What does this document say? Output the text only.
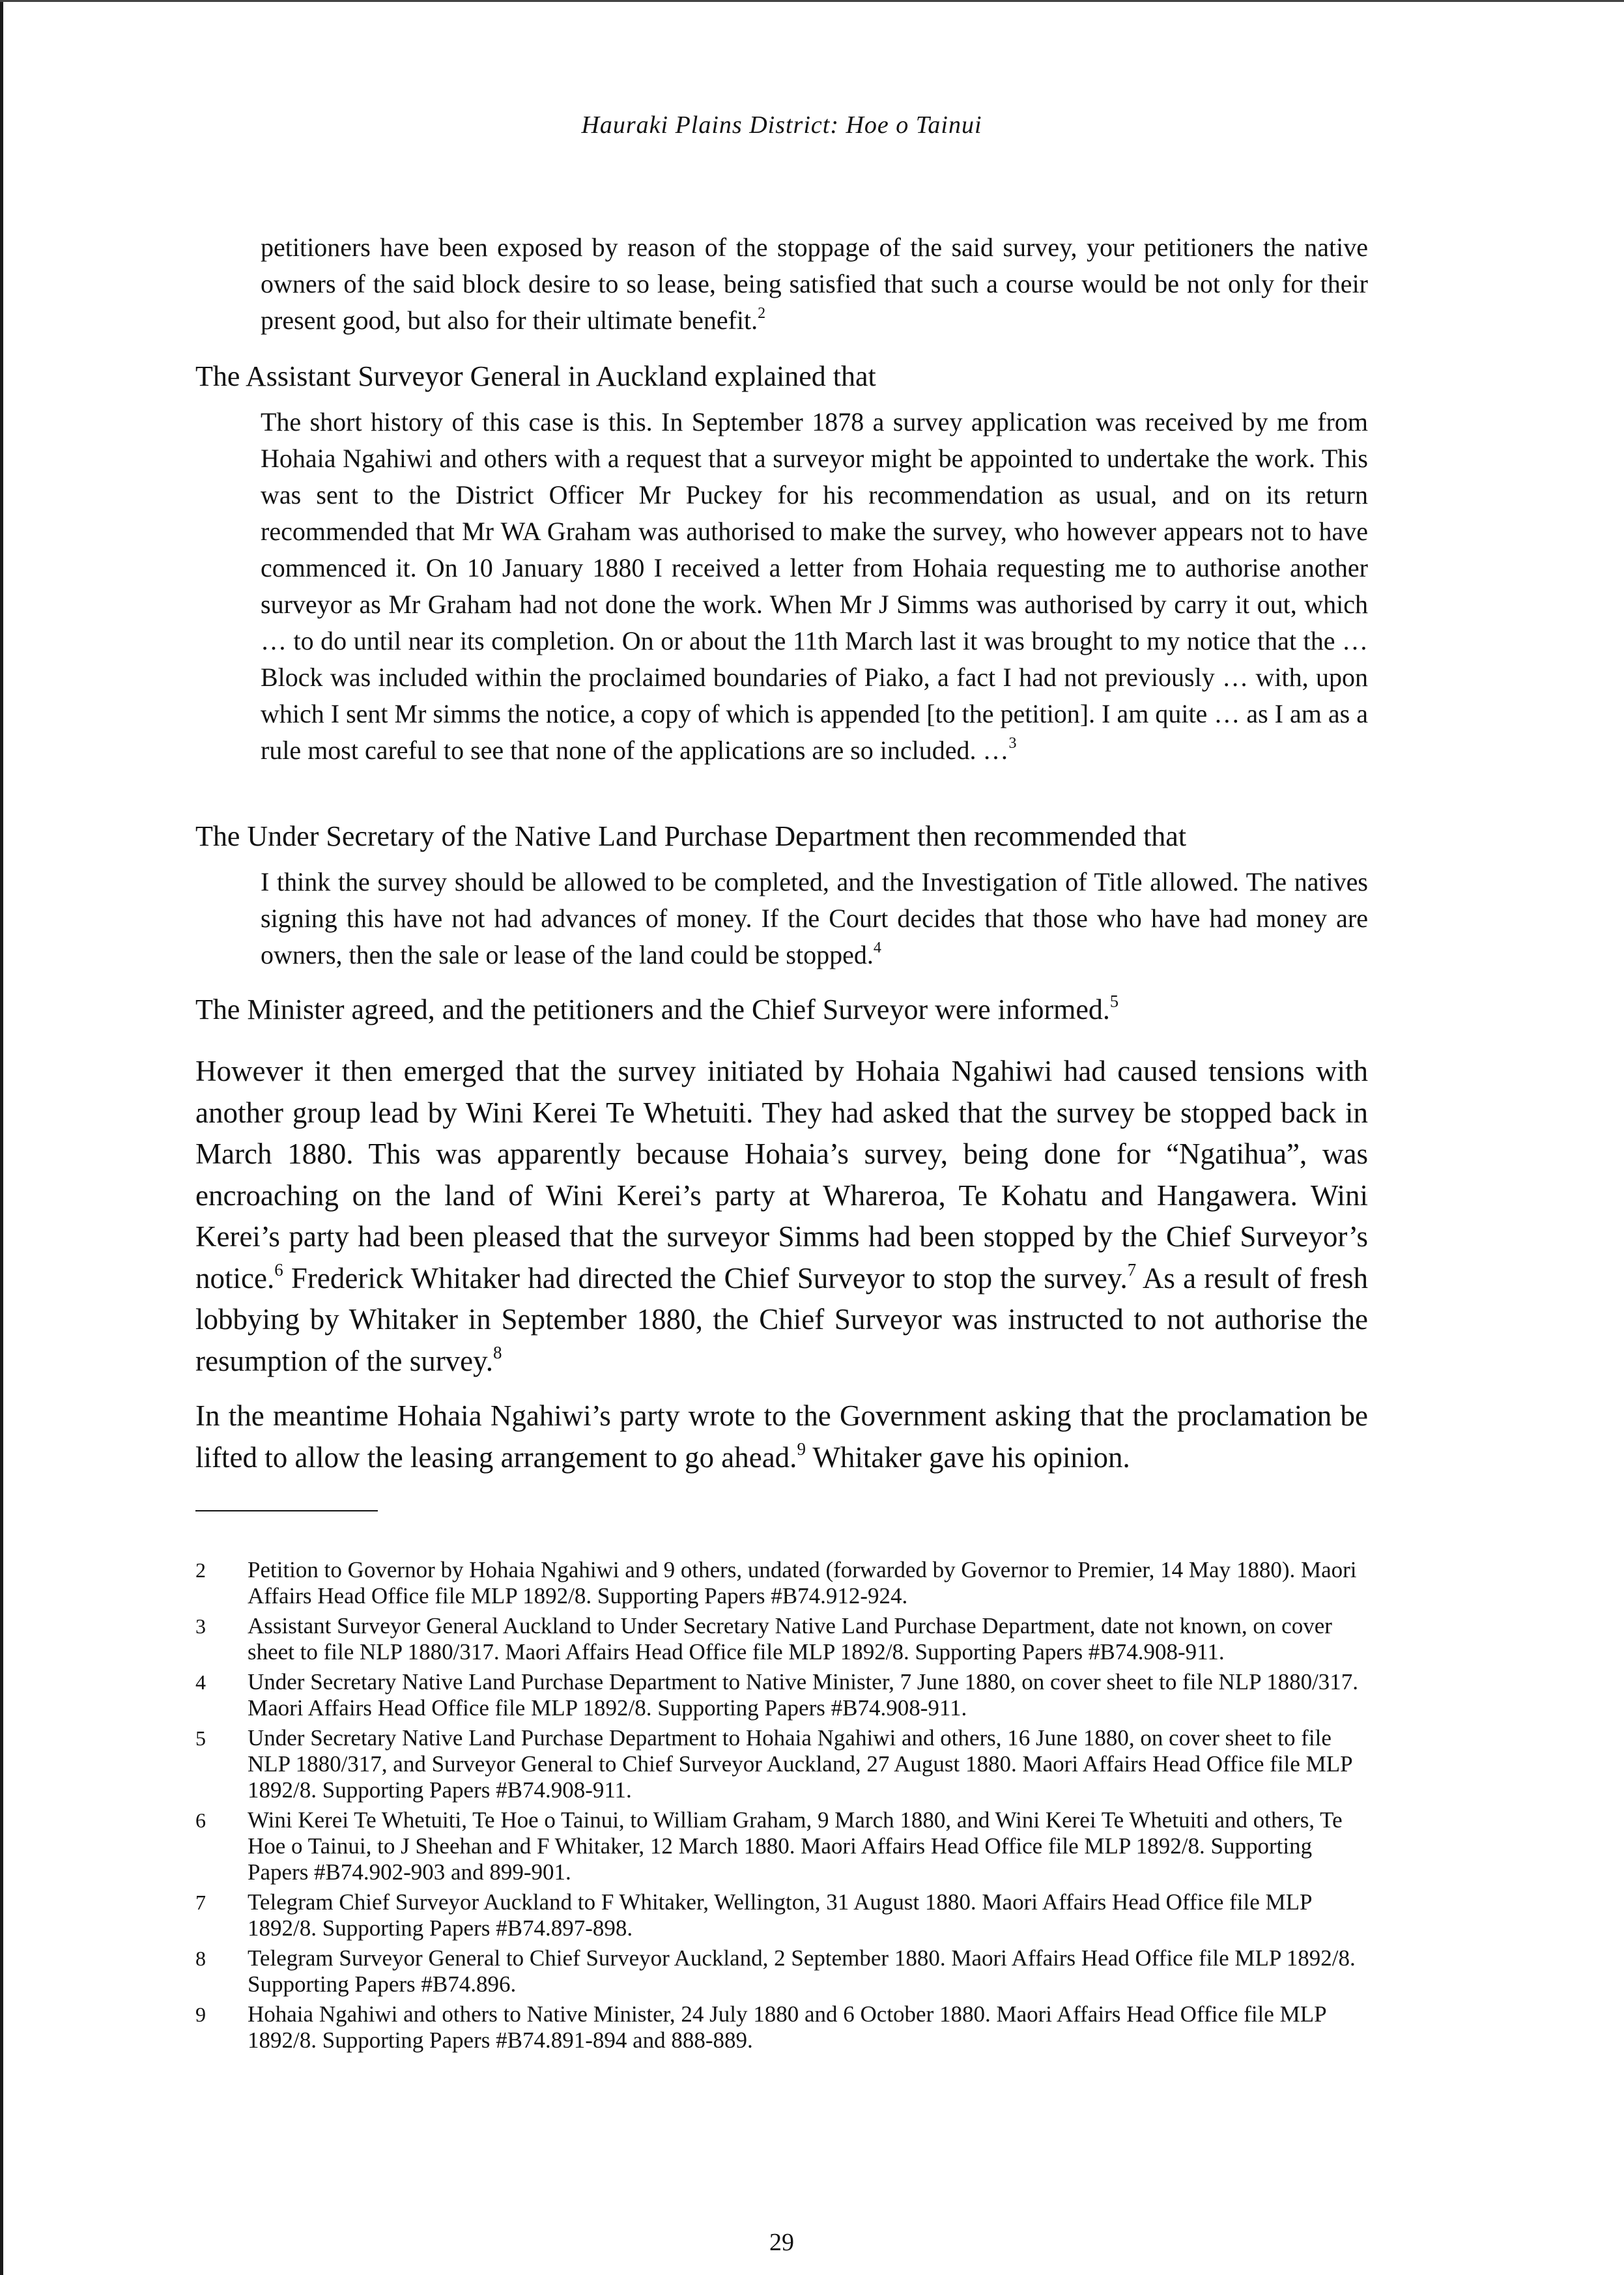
Hauraki Plains District: Hoe o Tainui

petitioners have been exposed by reason of the stoppage of the said survey, your petitioners the native owners of the said block desire to so lease, being satisfied that such a course would be not only for their present good, but also for their ultimate benefit.$^2$

The Assistant Surveyor General in Auckland explained that

The short history of this case is this. In September 1878 a survey application was received by me from Hohaia Ngahiwi and others with a request that a surveyor might be appointed to undertake the work. This was sent to the District Officer Mr Puckey for his recommendation as usual, and on its return recommended that Mr WA Graham was authorised to make the survey, who however appears not to have commenced it. On 10 January 1880 I received a letter from Hohaia requesting me to authorise another surveyor as Mr Graham had not done the work. When Mr J Simms was authorised by carry it out, which … to do until near its completion. On or about the 11th March last it was brought to my notice that the … Block was included within the proclaimed boundaries of Piako, a fact I had not previously … with, upon which I sent Mr simms the notice, a copy of which is appended [to the petition]. I am quite … as I am as a rule most careful to see that none of the applications are so included. …$^3$

The Under Secretary of the Native Land Purchase Department then recommended that

I think the survey should be allowed to be completed, and the Investigation of Title allowed. The natives signing this have not had advances of money. If the Court decides that those who have had money are owners, then the sale or lease of the land could be stopped.$^4$

The Minister agreed, and the petitioners and the Chief Surveyor were informed.$^5$

However it then emerged that the survey initiated by Hohaia Ngahiwi had caused tensions with another group lead by Wini Kerei Te Whetuiti. They had asked that the survey be stopped back in March 1880. This was apparently because Hohaia’s survey, being done for “Ngatihua”, was encroaching on the land of Wini Kerei’s party at Whareroa, Te Kohatu and Hangawera. Wini Kerei’s party had been pleased that the surveyor Simms had been stopped by the Chief Surveyor’s notice.$^6$ Frederick Whitaker had directed the Chief Surveyor to stop the survey.$^7$ As a result of fresh lobbying by Whitaker in September 1880, the Chief Surveyor was instructed to not authorise the resumption of the survey.$^8$

In the meantime Hohaia Ngahiwi’s party wrote to the Government asking that the proclamation be lifted to allow the leasing arrangement to go ahead.$^9$ Whitaker gave his opinion.

2	Petition to Governor by Hohaia Ngahiwi and 9 others, undated (forwarded by Governor to Premier, 14 May 1880). Maori Affairs Head Office file MLP 1892/8. Supporting Papers #B74.912-924.
3	Assistant Surveyor General Auckland to Under Secretary Native Land Purchase Department, date not known, on cover sheet to file NLP 1880/317. Maori Affairs Head Office file MLP 1892/8. Supporting Papers #B74.908-911.
4	Under Secretary Native Land Purchase Department to Native Minister, 7 June 1880, on cover sheet to file NLP 1880/317. Maori Affairs Head Office file MLP 1892/8. Supporting Papers #B74.908-911.
5	Under Secretary Native Land Purchase Department to Hohaia Ngahiwi and others, 16 June 1880, on cover sheet to file NLP 1880/317, and Surveyor General to Chief Surveyor Auckland, 27 August 1880. Maori Affairs Head Office file MLP 1892/8. Supporting Papers #B74.908-911.
6	Wini Kerei Te Whetuiti, Te Hoe o Tainui, to William Graham, 9 March 1880, and Wini Kerei Te Whetuiti and others, Te Hoe o Tainui, to J Sheehan and F Whitaker, 12 March 1880. Maori Affairs Head Office file MLP 1892/8. Supporting Papers #B74.902-903 and 899-901.
7	Telegram Chief Surveyor Auckland to F Whitaker, Wellington, 31 August 1880. Maori Affairs Head Office file MLP 1892/8. Supporting Papers #B74.897-898.
8	Telegram Surveyor General to Chief Surveyor Auckland, 2 September 1880. Maori Affairs Head Office file MLP 1892/8. Supporting Papers #B74.896.
9	Hohaia Ngahiwi and others to Native Minister, 24 July 1880 and 6 October 1880. Maori Affairs Head Office file MLP 1892/8. Supporting Papers #B74.891-894 and 888-889.
29
